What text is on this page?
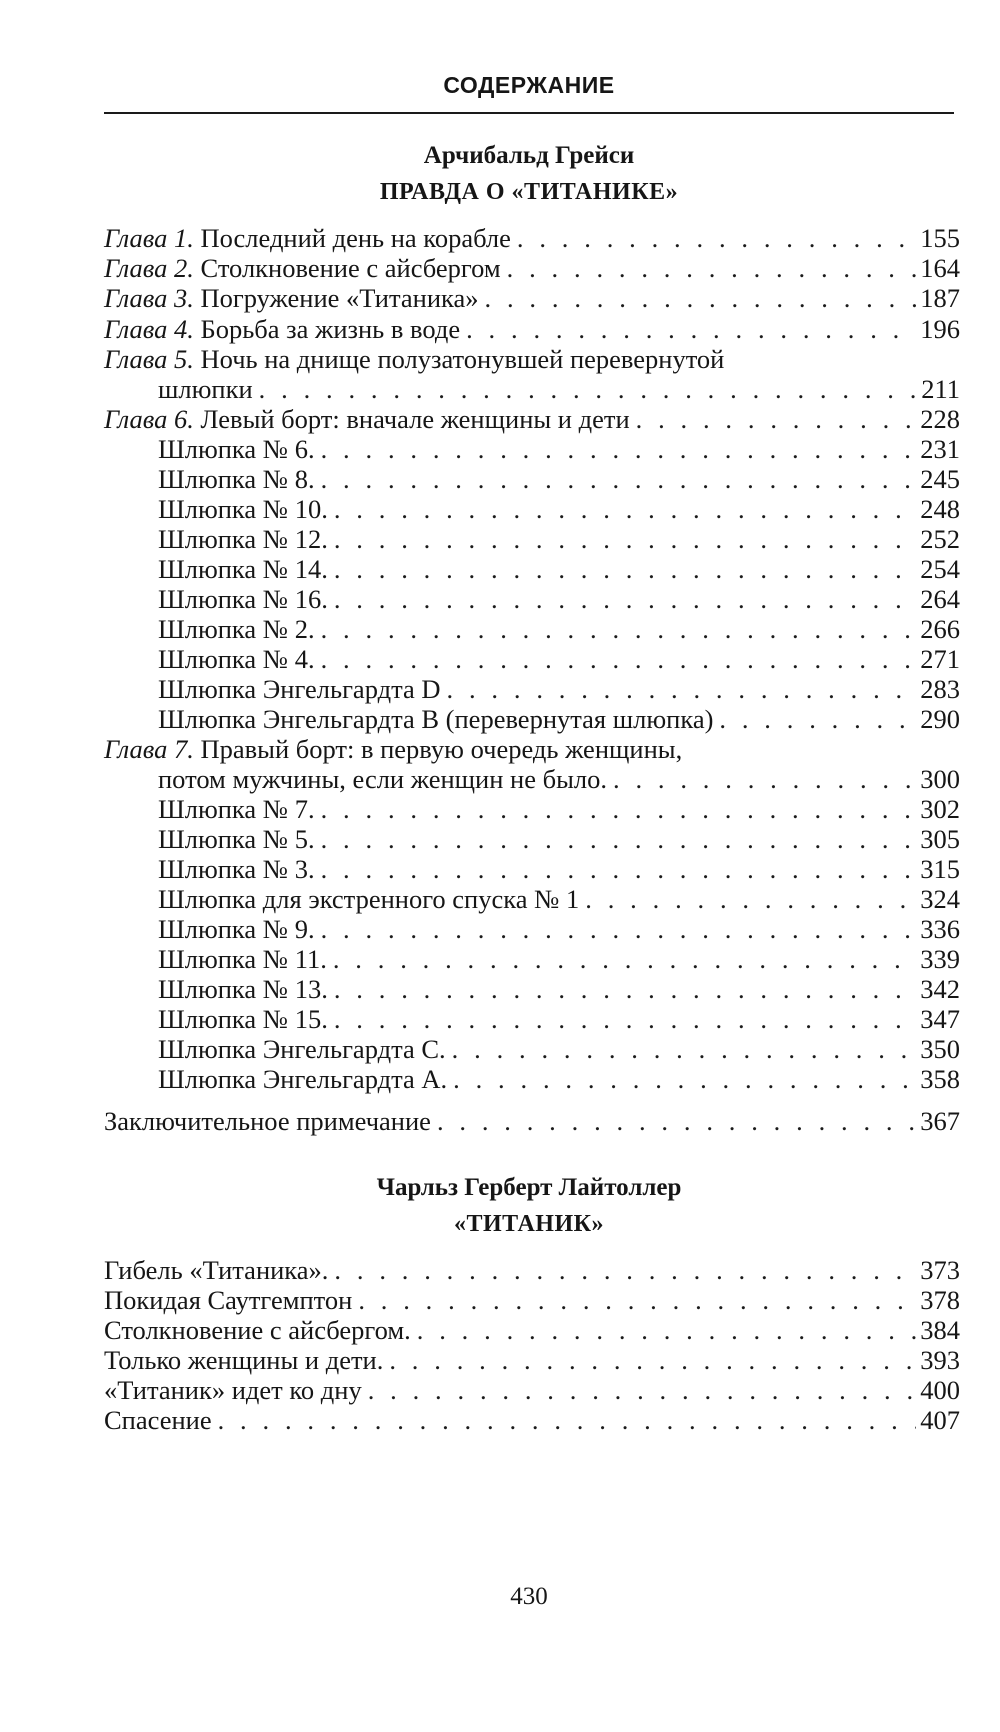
СОДЕРЖАНИЕ
Арчибальд Грейси
ПРАВДА О «ТИТАНИКЕ»
Глава 1. Последний день на корабле . . .	155
Глава 2. Столкновение с айсбергом . . .	164
Глава 3. Погружение «Титаника» . . .	187
Глава 4. Борьба за жизнь в воде . . .	196
Глава 5. Ночь на днище полузатонувшей перевернутой
шлюпки . . .	211
Глава 6. Левый борт: вначале женщины и дети . . .	228
Шлюпка № 6. . . .	231
Шлюпка № 8. . . .	245
Шлюпка № 10. . . .	248
Шлюпка № 12. . . .	252
Шлюпка № 14. . . .	254
Шлюпка № 16. . . .	264
Шлюпка № 2. . . .	266
Шлюпка № 4. . . .	271
Шлюпка Энгельгардта D . . .	283
Шлюпка Энгельгардта B (перевернутая шлюпка) . . .	290
Глава 7. Правый борт: в первую очередь женщины,
потом мужчины, если женщин не было. . . .	300
Шлюпка № 7. . . .	302
Шлюпка № 5. . . .	305
Шлюпка № 3. . . .	315
Шлюпка для экстренного спуска № 1 . . .	324
Шлюпка № 9. . . .	336
Шлюпка № 11. . . .	339
Шлюпка № 13. . . .	342
Шлюпка № 15. . . .	347
Шлюпка Энгельгардта C. . . .	350
Шлюпка Энгельгардта A. . . .	358
Заключительное примечание . . .	367
Чарльз Герберт Лайтоллер
«ТИТАНИК»
Гибель «Титаника». . . .	373
Покидая Саутгемптон . . .	378
Столкновение с айсбергом. . . .	384
Только женщины и дети. . . .	393
«Титаник» идет ко дну . . .	400
Спасение . . .	407
430
